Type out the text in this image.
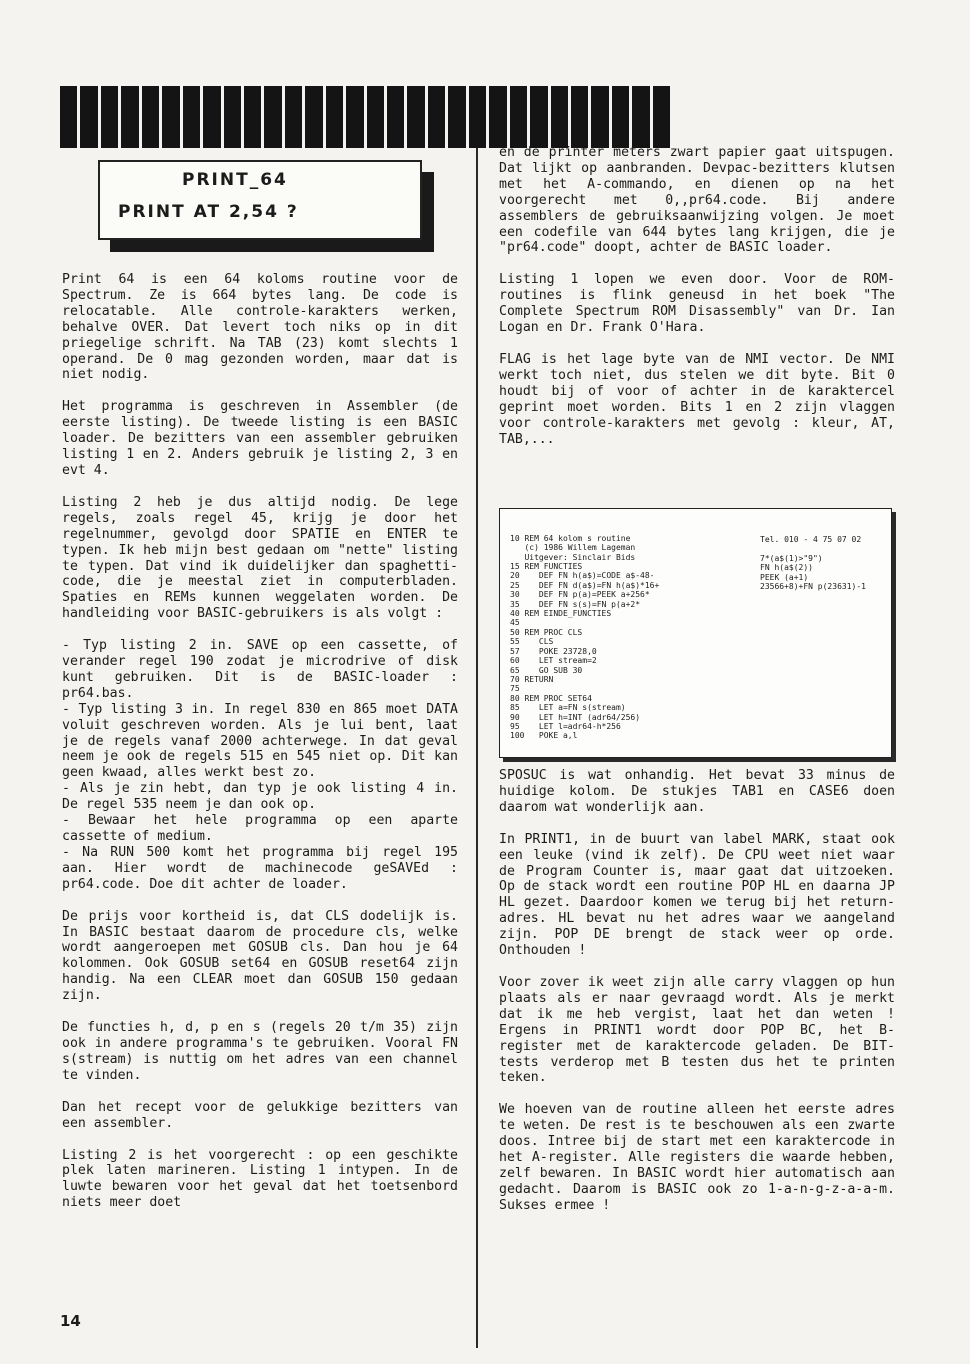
PRINT_64
PRINT AT 2,54 ?

Print 64 is een 64 koloms routine voor de Spectrum. Ze is 664 bytes lang. De code is relocatable. Alle controle-karakters werken, behalve OVER. Dat levert toch niks op in dit priegelige schrift. Na TAB (23) komt slechts 1 operand. De 0 mag gezonden worden, maar dat is niet nodig.

Het programma is geschreven in Assembler (de eerste listing). De tweede listing is een BASIC loader. De bezitters van een assembler gebruiken listing 1 en 2. Anders gebruik je listing 2, 3 en evt 4.

Listing 2 heb je dus altijd nodig. De lege regels, zoals regel 45, krijg je door het regelnummer, gevolgd door SPATIE en ENTER te typen. Ik heb mijn best gedaan om "nette" listing te typen. Dat vind ik duidelijker dan spaghetti-code, die je meestal ziet in computerbladen. Spaties en REMs kunnen weggelaten worden. De handleiding voor BASIC-gebruikers is als volgt :

- Typ listing 2 in. SAVE op een cassette, of verander regel 190 zodat je microdrive of disk kunt gebruiken. Dit is de BASIC-loader : pr64.bas.

- Typ listing 3 in. In regel 830 en 865 moet DATA voluit geschreven worden. Als je lui bent, laat je de regels vanaf 2000 achterwege. In dat geval neem je ook de regels 515 en 545 niet op. Dit kan geen kwaad, alles werkt best zo.

- Als je zin hebt, dan typ je ook listing 4 in. De regel 535 neem je dan ook op.

- Bewaar het hele programma op een aparte cassette of medium.

- Na RUN 500 komt het programma bij regel 195 aan. Hier wordt de machinecode geSAVEd : pr64.code. Doe dit achter de loader.

De prijs voor kortheid is, dat CLS dodelijk is. In BASIC bestaat daarom de procedure cls, welke wordt aangeroepen met GOSUB cls. Dan hou je 64 kolommen. Ook GOSUB set64 en GOSUB reset64 zijn handig. Na een CLEAR moet dan GOSUB 150 gedaan zijn.

De functies h, d, p en s (regels 20 t/m 35) zijn ook in andere programma's te gebruiken. Vooral FN s(stream) is nuttig om het adres van een channel te vinden.

Dan het recept voor de gelukkige bezitters van een assembler.

Listing 2 is het voorgerecht : op een geschikte plek laten marineren. Listing 1 intypen. In de luwte bewaren voor het geval dat het toetsenbord niets meer doet

en de printer meters zwart papier gaat uitspugen. Dat lijkt op aanbranden. Devpac-bezitters klutsen met het A-commando, en dienen op na het voorgerecht met 0,,pr64.code. Bij andere assemblers de gebruiksaanwijzing volgen. Je moet een codefile van 644 bytes lang krijgen, die je "pr64.code" doopt, achter de BASIC loader.

Listing 1 lopen we even door. Voor de ROM-routines is flink geneusd in het boek "The Complete Spectrum ROM Disassembly" van Dr. Ian Logan en Dr. Frank O'Hara.

FLAG is het lage byte van de NMI vector. De NMI werkt toch niet, dus stelen we dit byte. Bit 0 houdt bij of voor of achter in de karaktercel geprint moet worden. Bits 1 en 2 zijn vlaggen voor controle-karakters met gevolg : kleur, AT, TAB,...

10 REM 64 kolom s routine
(c) 1986 Willem Lageman
Uitgever: Sinclair Bids
15 REM FUNCTIES
20    DEF FN h(a$)=CODE a$-48-
25    DEF FN d(a$)=FN h(a$)*16+
30    DEF FN p(a)=PEEK a+256*
35    DEF FN s(s)=FN p(a+2*
40 REM EINDE_FUNCTIES
45
50 REM PROC CLS
55    CLS
57    POKE 23728,0
60    LET stream=2
65    GO SUB 30
70 RETURN
75
80 REM PROC SET64
85    LET a=FN s(stream)
90    LET h=INT (adr64/256)
95    LET l=adr64-h*256
100   POKE a,l

Tel. 010 - 4 75 07 02

7*(a$(1)>"9")
FN h(a$(2))
PEEK (a+1)
23566+8)+FN p(23631)-1

SPOSUC is wat onhandig. Het bevat 33 minus de huidige kolom. De stukjes TAB1 en CASE6 doen daarom wat wonderlijk aan.

In PRINT1, in de buurt van label MARK, staat ook een leuke (vind ik zelf). De CPU weet niet waar de Program Counter is, maar gaat dat uitzoeken. Op de stack wordt een routine POP HL en daarna JP HL gezet. Daardoor komen we terug bij het return-adres. HL bevat nu het adres waar we aangeland zijn. POP DE brengt de stack weer op orde. Onthouden !

Voor zover ik weet zijn alle carry vlaggen op hun plaats als er naar gevraagd wordt. Als je merkt dat ik me heb vergist, laat het dan weten ! Ergens in PRINT1 wordt door POP BC, het B-register met de karaktercode geladen. De BIT-tests verderop met B testen dus het te printen teken.

We hoeven van de routine alleen het eerste adres te weten. De rest is te beschouwen als een zwarte doos. Intree bij de start met een karaktercode in het A-register. Alle registers die waarde hebben, zelf bewaren. In BASIC wordt hier automatisch aan gedacht. Daarom is BASIC ook zo 1-a-n-g-z-a-a-m. Sukses ermee !

14
